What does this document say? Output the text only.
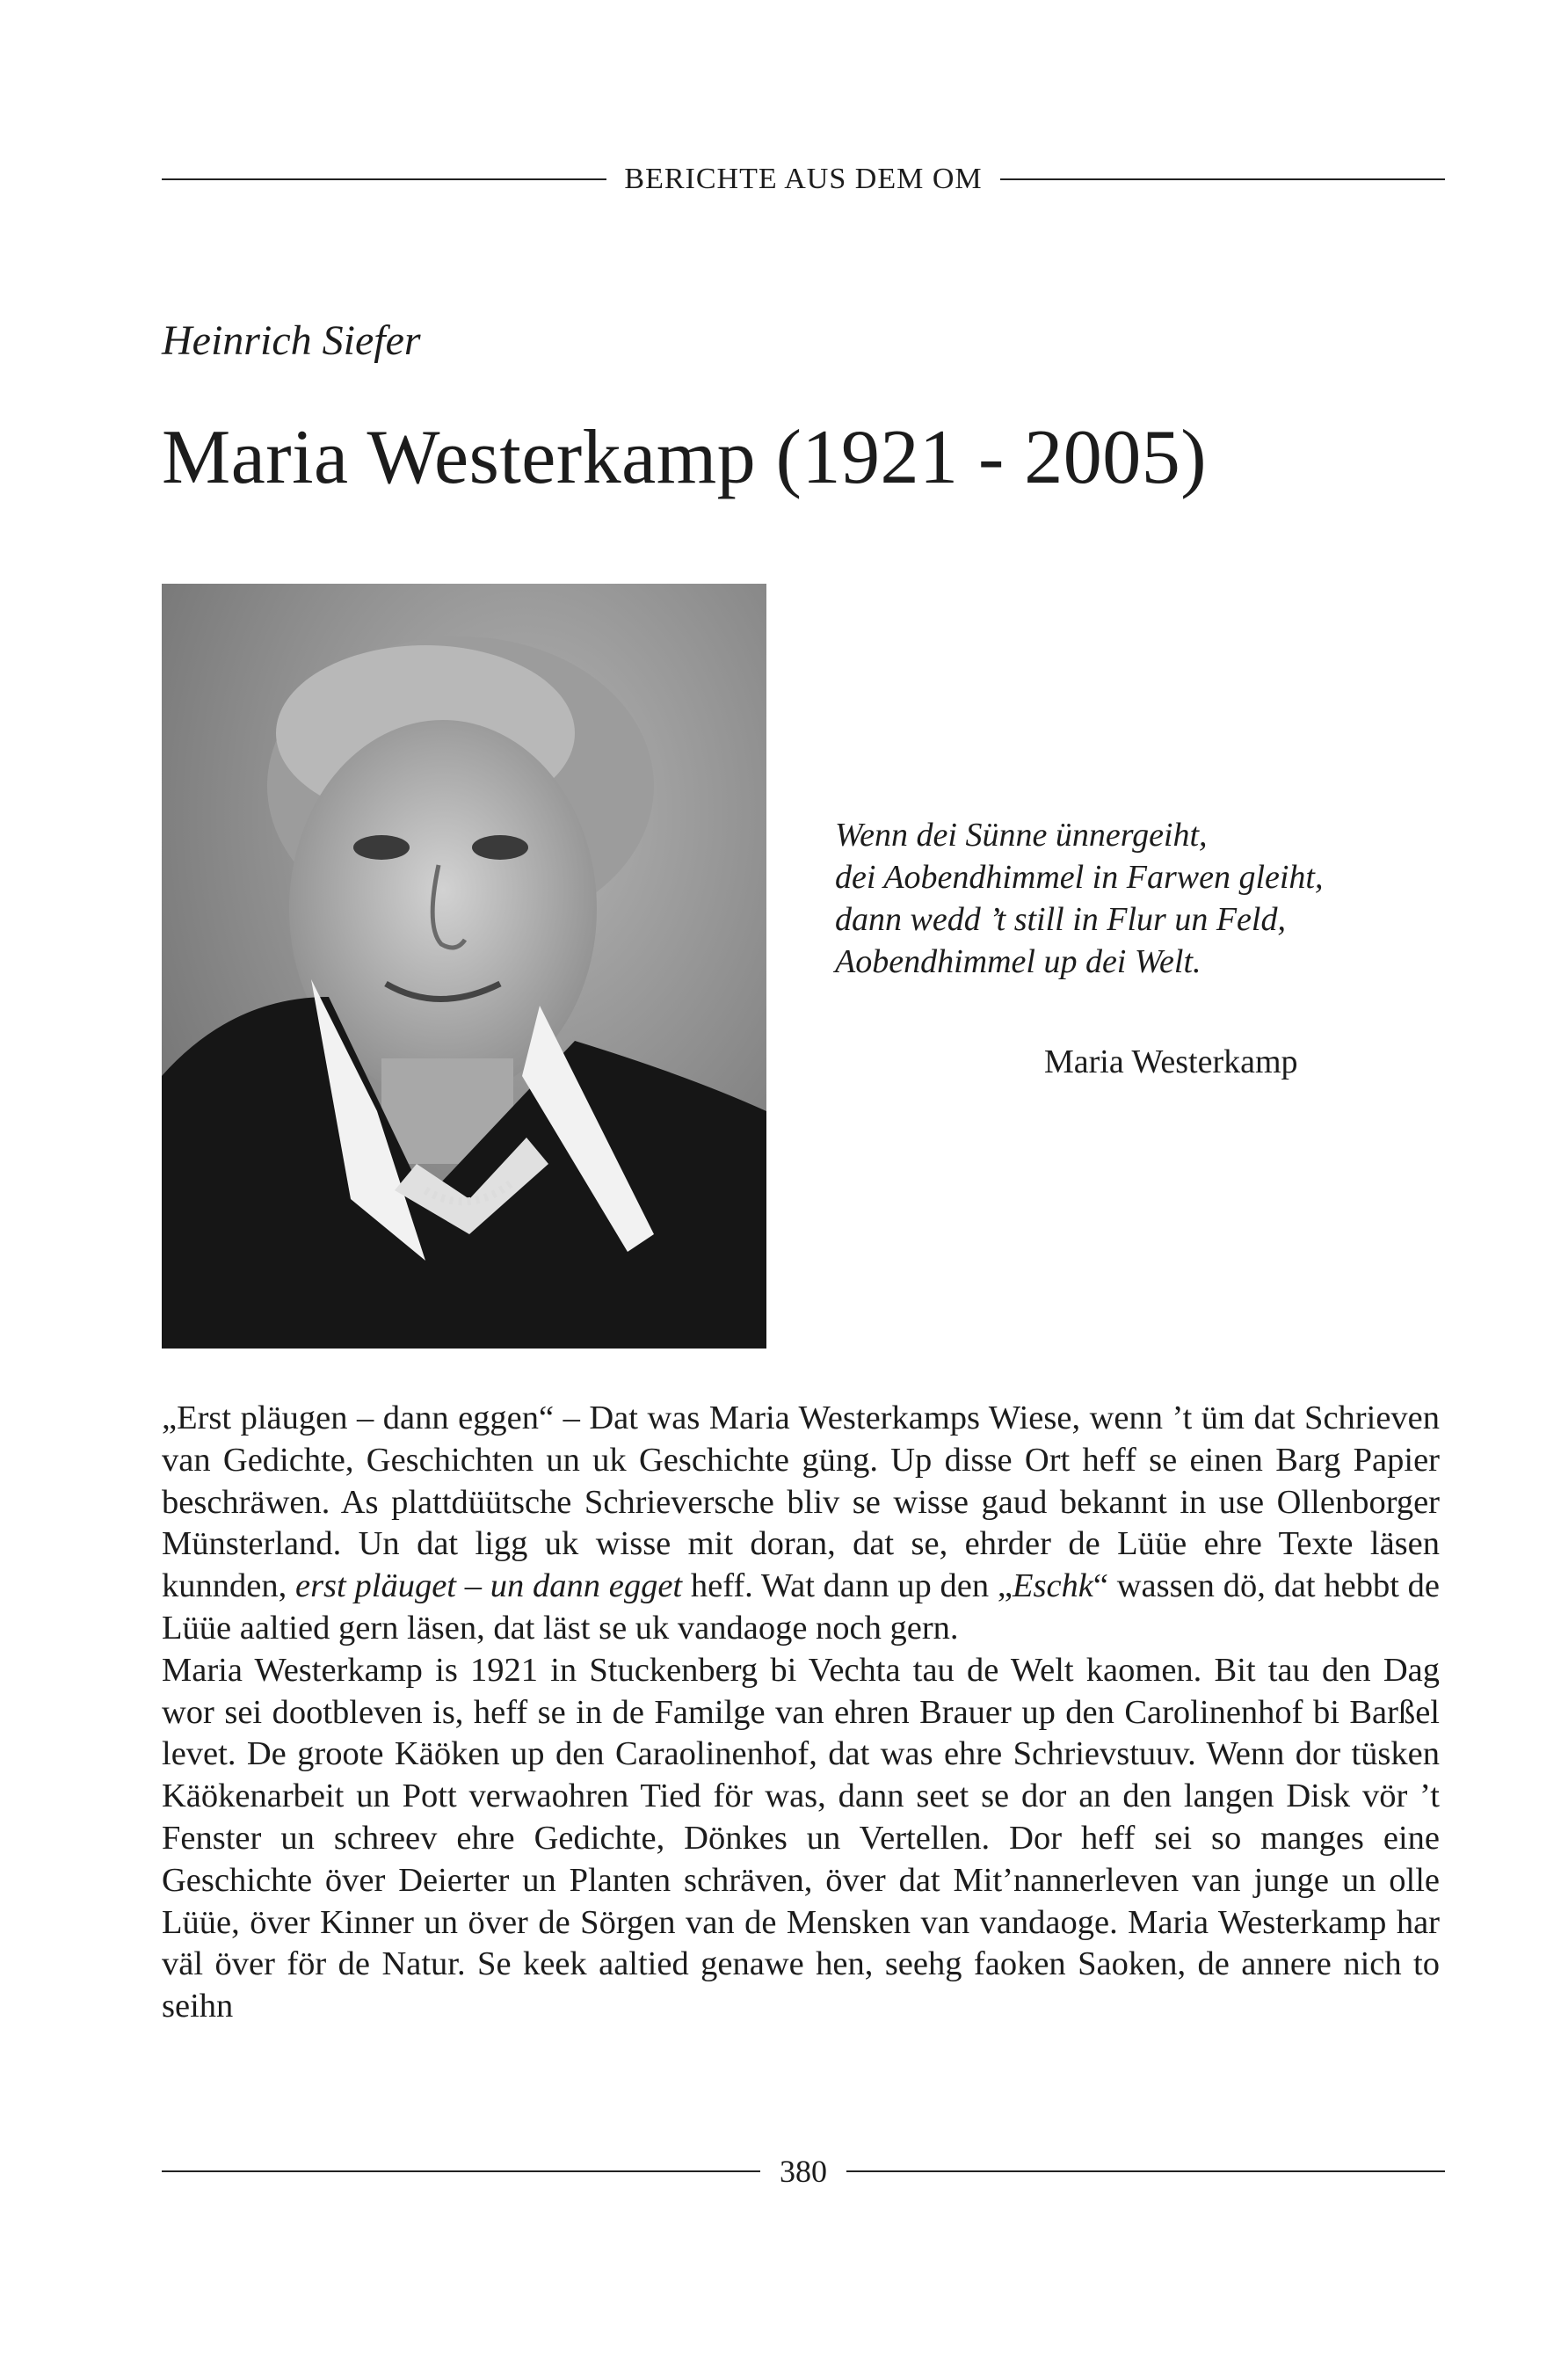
BERICHTE AUS DEM OM
Heinrich Siefer
Maria Westerkamp (1921 - 2005)
Wenn dei Sünne ünnergeiht,
dei Aobendhimmel in Farwen gleiht,
dann wedd ’t still in Flur un Feld,
Aobendhimmel up dei Welt.
Maria Westerkamp

„Erst pläugen – dann eggen“ – Dat was Maria Westerkamps Wiese, wenn ’t üm dat Schrieven van Gedichte, Geschichten un uk Geschichte güng. Up disse Ort heff se einen Barg Papier beschräwen. As plattdüütsche Schrieversche bliv se wisse gaud bekannt in use Ollenborger Münsterland. Un dat ligg uk wisse mit doran, dat se, ehrder de Lüüe ehre Texte läsen kunnden, erst pläuget – un dann egget heff. Wat dann up den „Eschk“ wassen dö, dat hebbt de Lüüe aaltied gern läsen, dat läst se uk vandaoge noch gern.

Maria Westerkamp is 1921 in Stuckenberg bi Vechta tau de Welt kaomen. Bit tau den Dag wor sei dootbleven is, heff se in de Familge van ehren Brauer up den Carolinenhof bi Barßel levet. De groote Käöken up den Caraolinenhof, dat was ehre Schrievstuuv. Wenn dor tüsken Käökenarbeit un Pott verwaohren Tied för was, dann seet se dor an den langen Disk vör ’t Fenster un schreev ehre Gedichte, Dönkes un Vertellen. Dor heff sei so manges eine Geschichte över Deierter un Planten schräven, över dat Mit’nannerleven van junge un olle Lüüe, över Kinner un över de Sörgen van de Mensken van vandaoge. Maria Westerkamp har väl över för de Natur. Se keek aaltied genawe hen, seehg faoken Saoken, de annere nich to seihn

380
